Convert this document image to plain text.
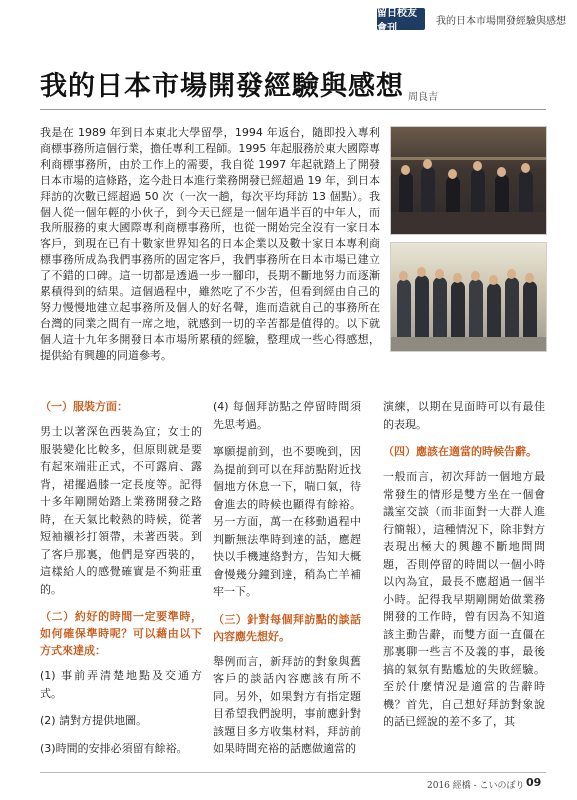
留日校友會刊
我的日本市場開發經驗與感想
我的日本市場開發經驗與感想 周良吉

我是在 1989 年到日本東北大學留學，1994 年返台，隨即投入專利商標事務所這個行業，擔任專利工程師。1995 年起服務於東大國際專利商標事務所，由於工作上的需要，我自從 1997 年起就踏上了開發日本市場的這條路，迄今赴日本進行業務開發已經超過 19 年，到日本拜訪的次數已經超過 50 次（一次一趟，每次平均拜訪 13 個點）。我個人從一個年輕的小伙子，到今天已經是一個年過半百的中年人，而我所服務的東大國際專利商標事務所，也從一開始完全沒有一家日本客戶，到現在已有十數家世界知名的日本企業以及數十家日本專利商標事務所成為我們事務所的固定客戶，我們事務所在日本市場已建立了不錯的口碑。這一切都是透過一步一腳印，長期不斷地努力而逐漸累積得到的結果。這個過程中，雖然吃了不少苦，但看到經由自己的努力慢慢地建立起事務所及個人的好名聲，進而造就自己的事務所在台灣的同業之間有一席之地，就感到一切的辛苦都是值得的。以下就個人這十九年多開發日本市場所累積的經驗，整理成一些心得感想，提供給有興趣的同道參考。

（一）服裝方面：

男士以著深色西裝為宜；女士的服裝變化比較多，但原則就是要有起來端莊正式，不可露肩、露背，裙擺過膝一定長度等。記得十多年剛開始踏上業務開發之路時，在天氣比較熱的時候，從著短袖襯衫打領帶，未著西裝。到了客戶那裏，他們是穿西裝的，這樣給人的感覺確實是不夠莊重的。

（二）約好的時間一定要準時，如何確保準時呢？可以藉由以下方式來達成：

(1) 事前弄清楚地點及交通方式。

(2) 請對方提供地圖。

(3)時間的安排必須留有餘裕。

(4) 每個拜訪點之停留時間須先思考過。

寧願提前到，也不要晚到，因為提前到可以在拜訪點附近找個地方休息一下，喘口氣，待會進去的時候也顯得有餘裕。另一方面，萬一在移動過程中判斷無法準時到達的話，應趕快以手機連絡對方，告知大概會慢幾分鐘到達，稍為亡羊補牢一下。

（三）針對每個拜訪點的談話內容應先想好。

舉例而言，新拜訪的對象與舊客戶的談話內容應該有所不同。另外，如果對方有指定題目希望我們說明，事前應針對該題目多方收集材料，拜訪前如果時間充裕的話應做適當的

演練，以期在見面時可以有最佳的表現。

（四）應該在適當的時候告辭。

一般而言，初次拜訪一個地方最常發生的情形是雙方坐在一個會議室交談（而非面對一大群人進行簡報），這種情況下，除非對方表現出極大的興趣不斷地問問題，否則停留的時間以一個小時以內為宜，最長不應超過一個半小時。記得我早期剛開始做業務開發的工作時，曾有因為不知道該主動告辭，而雙方面一直僵在那裏聊一些言不及義的事，最後搞的氣氛有點尷尬的失敗經驗。至於什麼情況是適當的告辭時機？首先，自己想好拜訪對象說的話已經說的差不多了，其

2016 經橋 - こいのぼり 09
